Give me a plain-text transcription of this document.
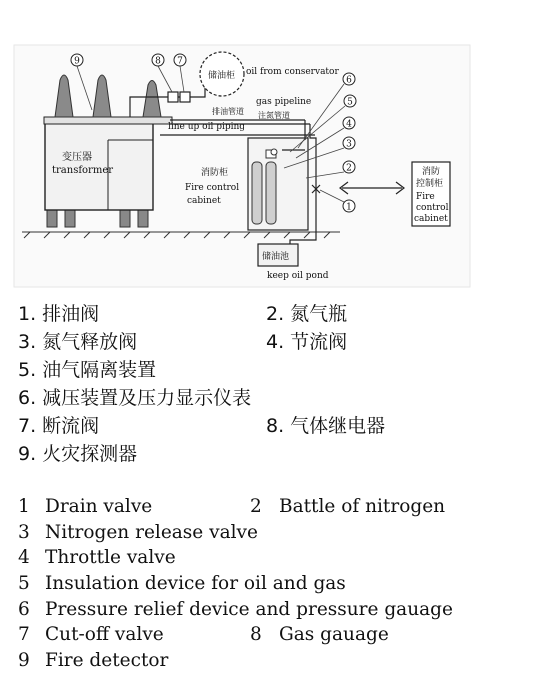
储油柜 oil from conservator
gas pipeline
注氮管道
排油管道
line up oil piping
变压器
transformer	消防柜
Fire control
cabinet
储油池
keep oil pond
消防
控制柜
Fire
control
cabinet
9	8 7
6
5
4
3
2
1
1. 排油阀	2. 氮气瓶
3. 氮气释放阀	4. 节流阀
5. 油气隔离装置
6. 减压装置及压力显示仪表
7. 断流阀	8. 气体继电器
9. 火灾探测器
1 Drain valve	2 Battle of nitrogen
3 Nitrogen release valve
4 Throttle valve
5 Insulation device for oil and gas
6 Pressure relief device and pressure gauage
7 Cut-off valve	8 Gas gauage
9 Fire detector
